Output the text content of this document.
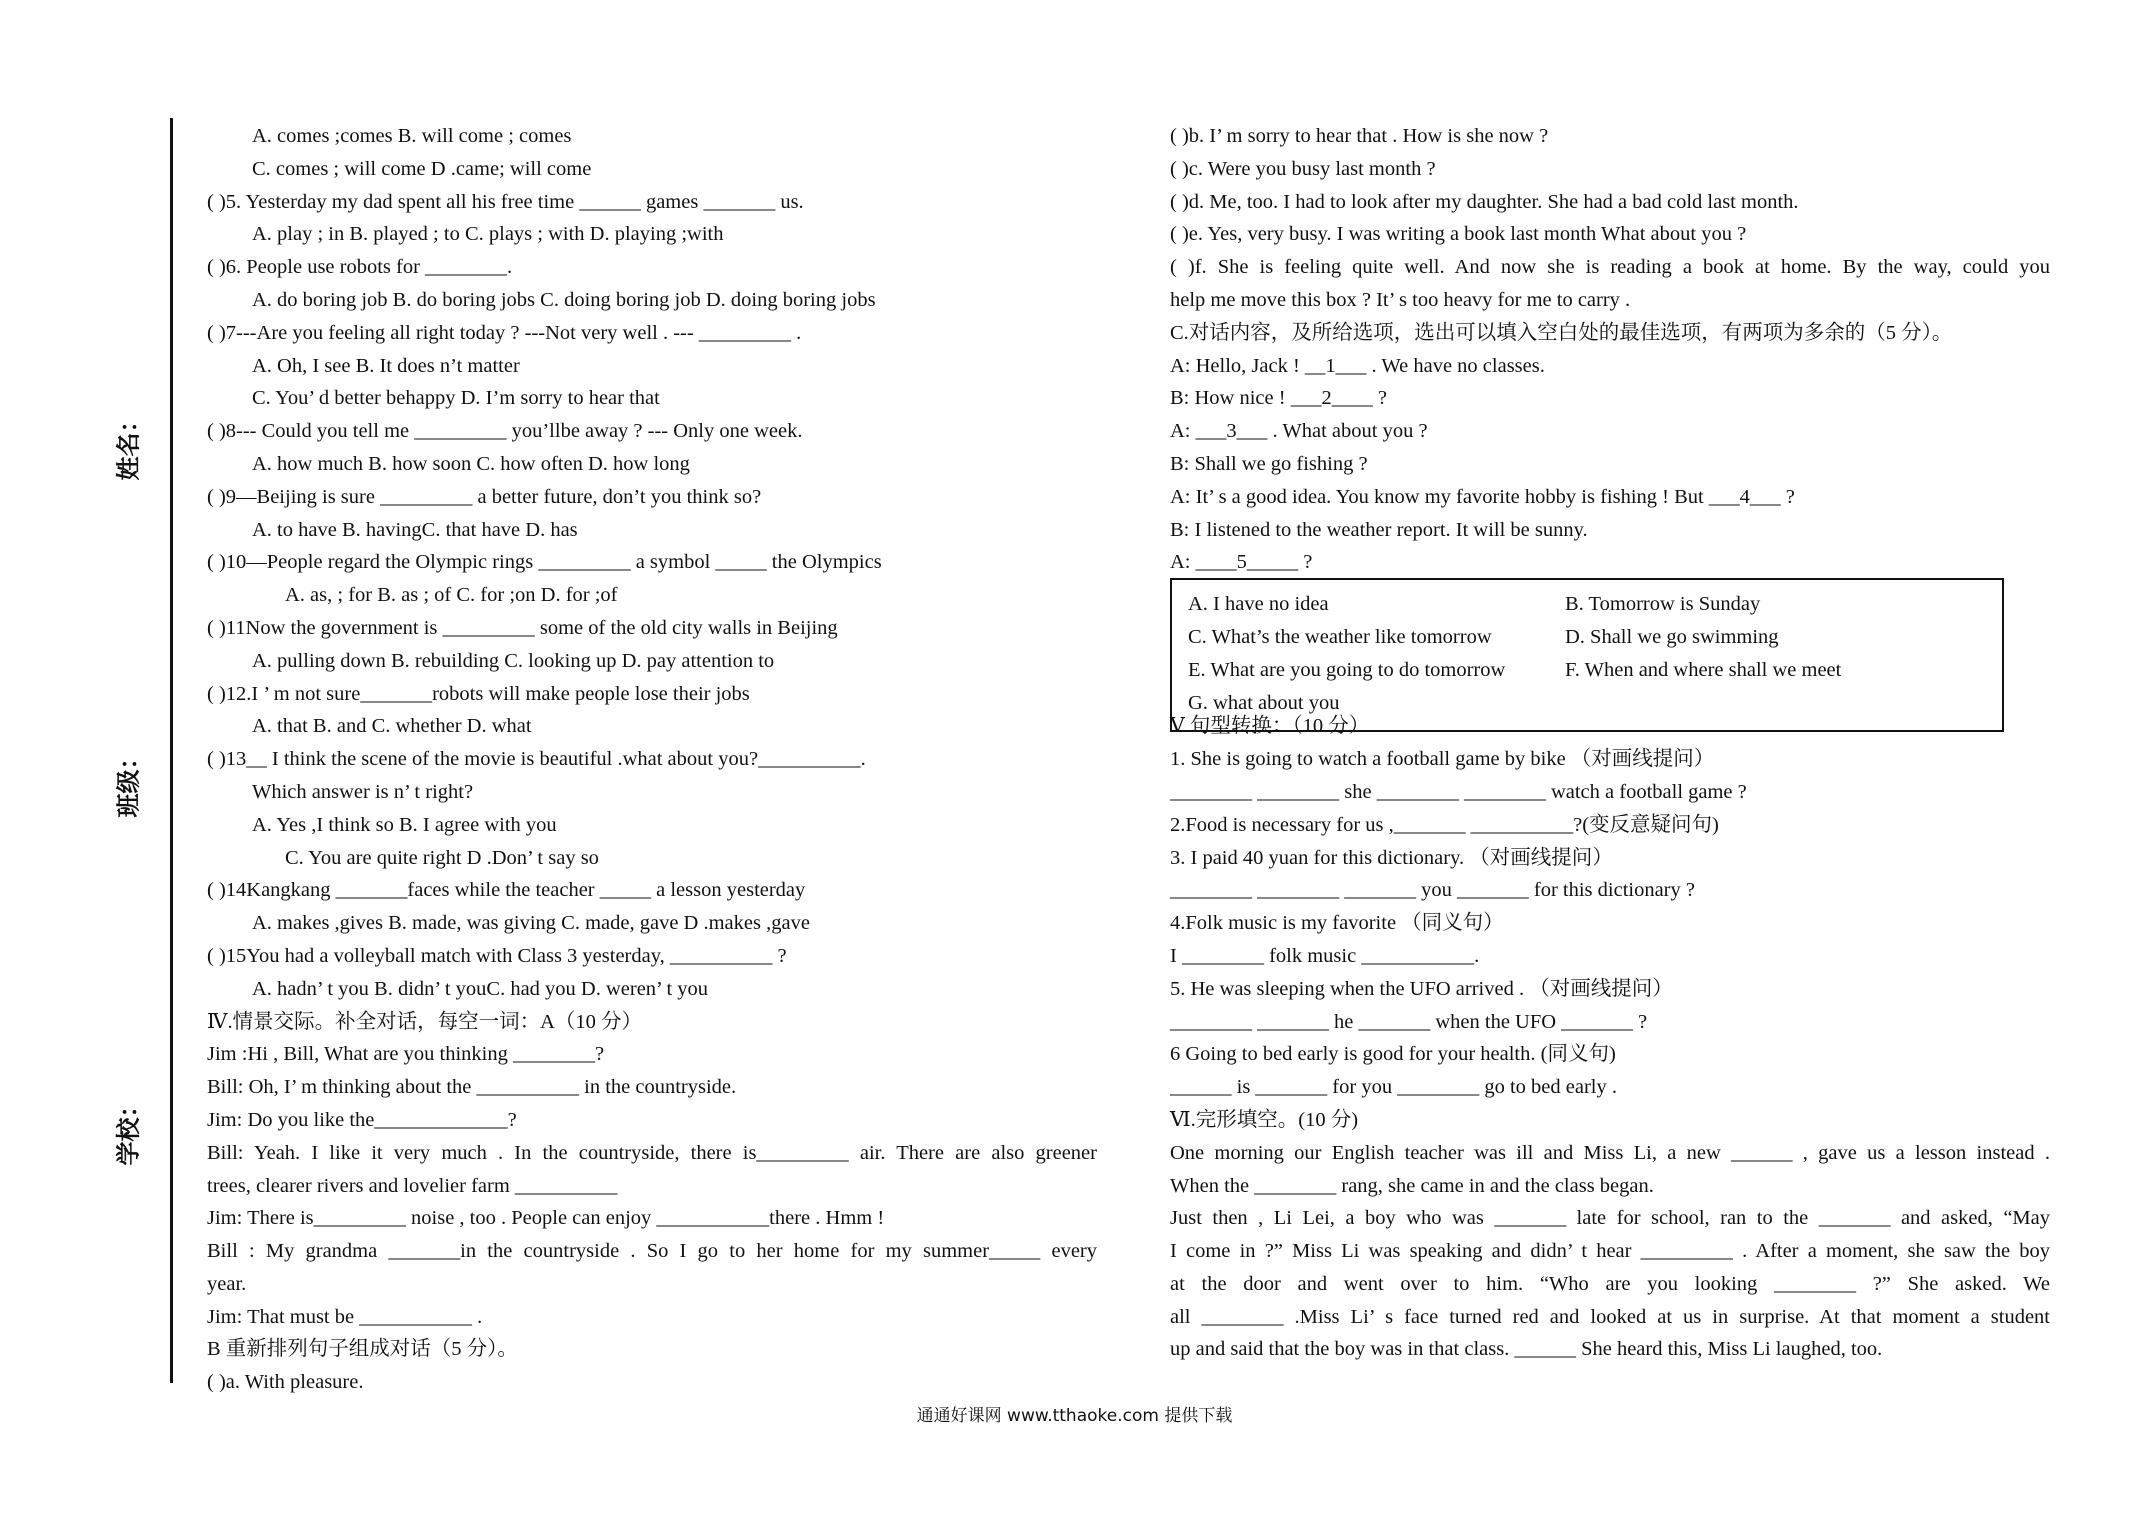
姓名：
班级：
学校：
A. comes ;comes B. will come ; comes
C. comes ; will come D .came; will come
( )5. Yesterday my dad spent all his free time ______ games _______ us.
A. play ; in B. played ; to C. plays ; with D. playing ;with
( )6. People use robots for ________.
A. do boring job B. do boring jobs C. doing boring job D. doing boring jobs
( )7---Are you feeling all right today ? ---Not very well . --- _________ .
A. Oh, I see B. It does n’t matter
C. You’ d better behappy D. I’m sorry to hear that
( )8--- Could you tell me _________ you’llbe away ? --- Only one week.
A. how much B. how soon C. how often D. how long
( )9—Beijing is sure _________ a better future, don’t you think so?
A. to have B. havingC. that have D. has
( )10—People regard the Olympic rings _________ a symbol _____ the Olympics
A. as, ; for B. as ; of C. for ;on D. for ;of
( )11Now the government is _________ some of the old city walls in Beijing
A. pulling down B. rebuilding C. looking up D. pay attention to
( )12.I ’ m not sure_______robots will make people lose their jobs
A. that B. and C. whether D. what
( )13__ I think the scene of the movie is beautiful .what about you?__________.
Which answer is n’ t right?
A. Yes ,I think so B. I agree with you
C. You are quite right D .Don’ t say so
( )14Kangkang _______faces while the teacher _____ a lesson yesterday
A. makes ,gives B. made, was giving C. made, gave D .makes ,gave
( )15You had a volleyball match with Class 3 yesterday, __________ ?
A. hadn’ t you B. didn’ t youC. had you D. weren’ t you
Ⅳ.情景交际。补全对话，每空一词：A（10 分）
Jim :Hi , Bill, What are you thinking ________?
Bill: Oh, I’ m thinking about the __________ in the countryside.
Jim: Do you like the_____________?
Bill: Yeah. I like it very much . In the countryside, there is_________ air. There are also greener
trees, clearer rivers and lovelier farm __________
Jim: There is_________ noise , too . People can enjoy ___________there . Hmm !
Bill : My grandma _______in the countryside . So I go to her home for my summer_____ every
year.
Jim: That must be ___________ .
B 重新排列句子组成对话（5 分）。
( )a. With pleasure.
( )b. I’ m sorry to hear that . How is she now ?
( )c. Were you busy last month ?
( )d. Me, too. I had to look after my daughter. She had a bad cold last month.
( )e. Yes, very busy. I was writing a book last month What about you ?
( )f. She is feeling quite well. And now she is reading a book at home. By the way, could you
help me move this box ? It’ s too heavy for me to carry .
C.对话内容，及所给选项，选出可以填入空白处的最佳选项，有两项为多余的（5 分）。
A: Hello, Jack ! __1___ . We have no classes.
B: How nice ! ___2____ ?
A: ___3___ . What about you ?
B: Shall we go fishing ?
A: It’ s a good idea. You know my favorite hobby is fishing ! But ___4___ ?
B: I listened to the weather report. It will be sunny.
A: ____5_____ ?
Ⅴ 句型转换：（10 分）
1. She is going to watch a football game by bike （对画线提问）
________ ________ she ________ ________ watch a football game ?
2.Food is necessary for us ,_______ __________?(变反意疑问句)
3. I paid 40 yuan for this dictionary. （对画线提问）
________ ________ _______ you _______ for this dictionary ?
4.Folk music is my favorite （同义句）
I ________ folk music ___________.
5. He was sleeping when the UFO arrived . （对画线提问）
________ _______ he _______ when the UFO _______ ?
6 Going to bed early is good for your health. (同义句)
______ is _______ for you ________ go to bed early .
Ⅵ.完形填空。(10 分)
One morning our English teacher was ill and Miss Li, a new ______ , gave us a lesson instead .
When the ________ rang, she came in and the class began.
Just then , Li Lei, a boy who was _______ late for school, ran to the _______ and asked, “May
I come in ?” Miss Li was speaking and didn’ t hear _________ . After a moment, she saw the boy
at the door and went over to him. “Who are you looking ________ ?” She asked. We
all ________ .Miss Li’ s face turned red and looked at us in surprise. At that moment a student
up and said that the boy was in that class. ______ She heard this, Miss Li laughed, too.
A. I have no idea	B. Tomorrow is Sunday
C. What’s the weather like tomorrow	D. Shall we go swimming
E. What are you going to do tomorrow	F. When and where shall we meet
G. what about you
通通好课网 www.tthaoke.com 提供下载
